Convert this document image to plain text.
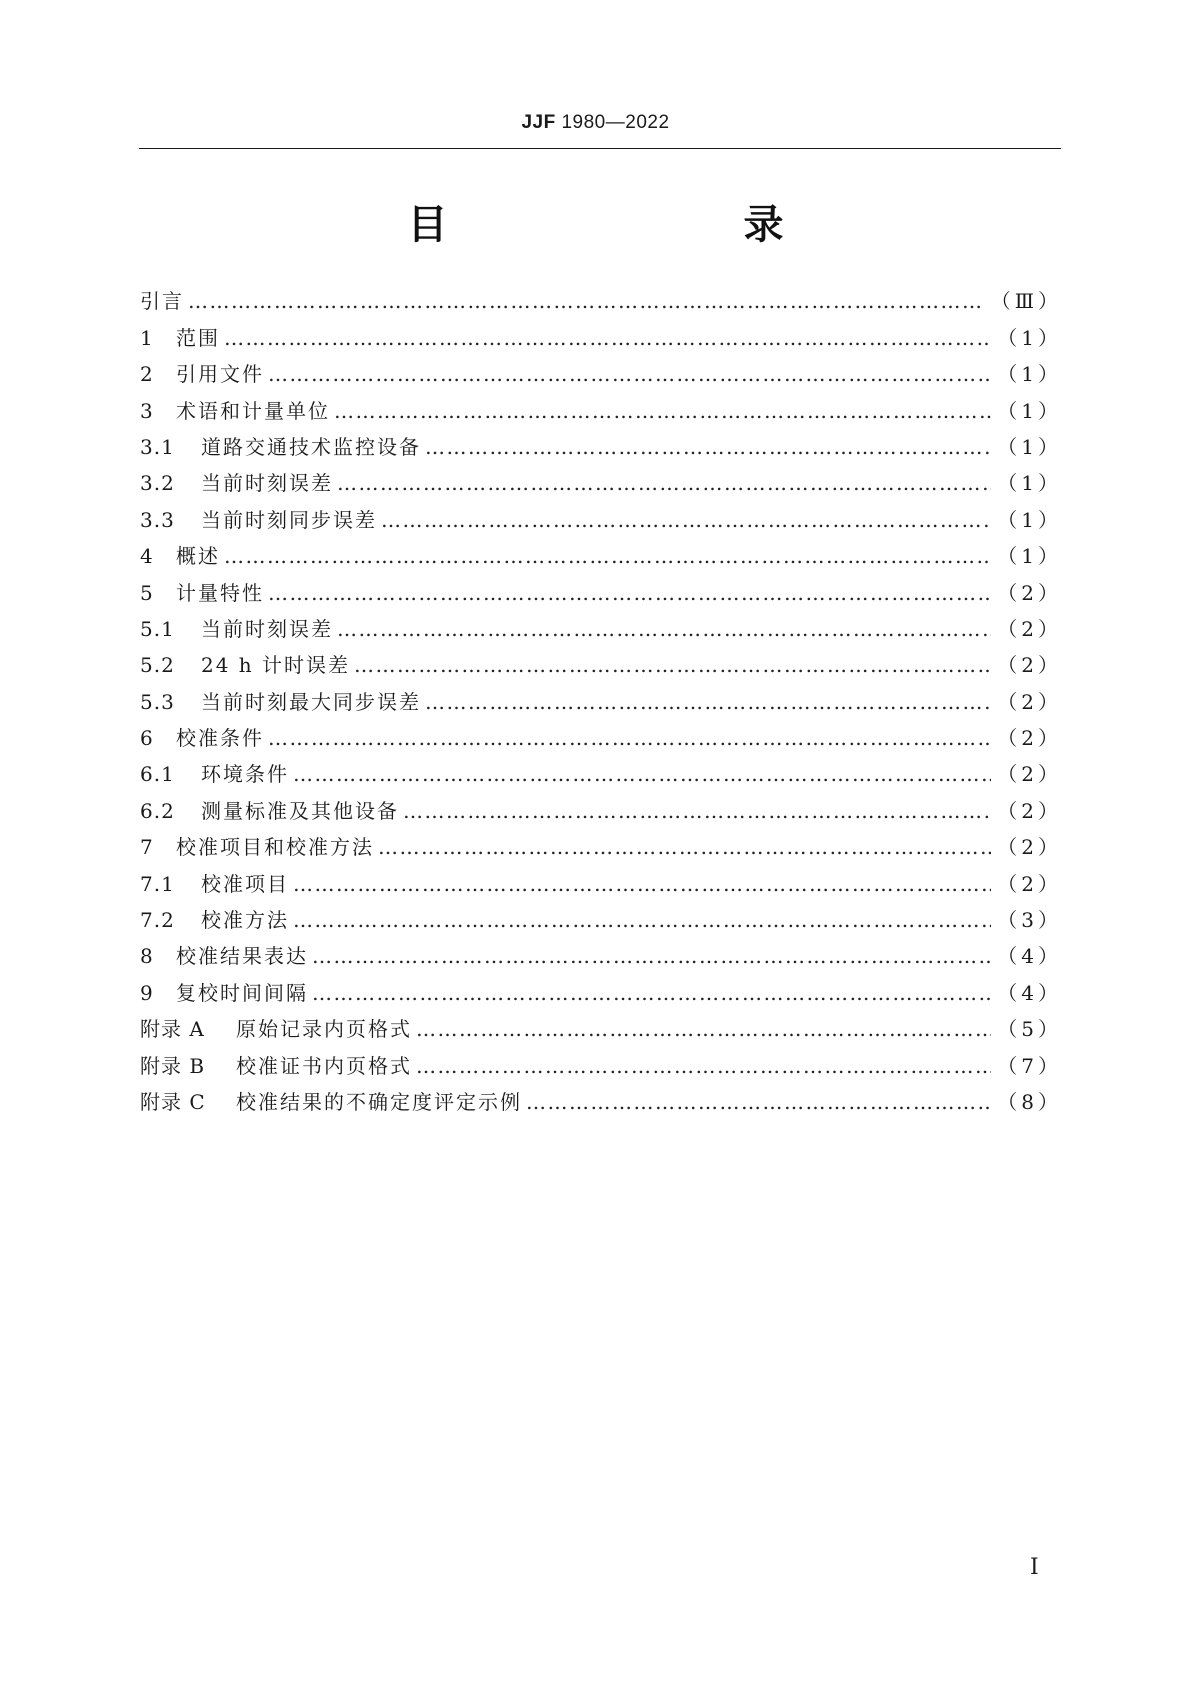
JJF 1980—2022
目　　录
引言 ………………………………………………………………………………………………………………………………………………………………………………………………………………	（Ⅲ）
1	范围 ………………………………………………………………………………………………………………………………………………………………………………………………………………	（1）
2	引用文件 ………………………………………………………………………………………………………………………………………………………………………………………………………………	（1）
3	术语和计量单位 ………………………………………………………………………………………………………………………………………………………………………………………………………………	（1）
3.1	道路交通技术监控设备 ………………………………………………………………………………………………………………………………………………………………………………………………………………	（1）
3.2	当前时刻误差 ………………………………………………………………………………………………………………………………………………………………………………………………………………	（1）
3.3	当前时刻同步误差 ………………………………………………………………………………………………………………………………………………………………………………………………………………	（1）
4	概述 ………………………………………………………………………………………………………………………………………………………………………………………………………………	（1）
5	计量特性 ………………………………………………………………………………………………………………………………………………………………………………………………………………	（2）
5.1	当前时刻误差 ………………………………………………………………………………………………………………………………………………………………………………………………………………	（2）
5.2	24 h 计时误差 ………………………………………………………………………………………………………………………………………………………………………………………………………………	（2）
5.3	当前时刻最大同步误差 ………………………………………………………………………………………………………………………………………………………………………………………………………………	（2）
6	校准条件 ………………………………………………………………………………………………………………………………………………………………………………………………………………	（2）
6.1	环境条件 ………………………………………………………………………………………………………………………………………………………………………………………………………………	（2）
6.2	测量标准及其他设备 ………………………………………………………………………………………………………………………………………………………………………………………………………………	（2）
7	校准项目和校准方法 ………………………………………………………………………………………………………………………………………………………………………………………………………………	（2）
7.1	校准项目 ………………………………………………………………………………………………………………………………………………………………………………………………………………	（2）
7.2	校准方法 ………………………………………………………………………………………………………………………………………………………………………………………………………………	（3）
8	校准结果表达 ………………………………………………………………………………………………………………………………………………………………………………………………………………	（4）
9	复校时间间隔 ………………………………………………………………………………………………………………………………………………………………………………………………………………	（4）
附录 A	原始记录内页格式 ………………………………………………………………………………………………………………………………………………………………………………………………………………	（5）
附录 B	校准证书内页格式 ………………………………………………………………………………………………………………………………………………………………………………………………………………	（7）
附录 C	校准结果的不确定度评定示例 ………………………………………………………………………………………………………………………………………………………………………………………………………………	（8）
Ⅰ
